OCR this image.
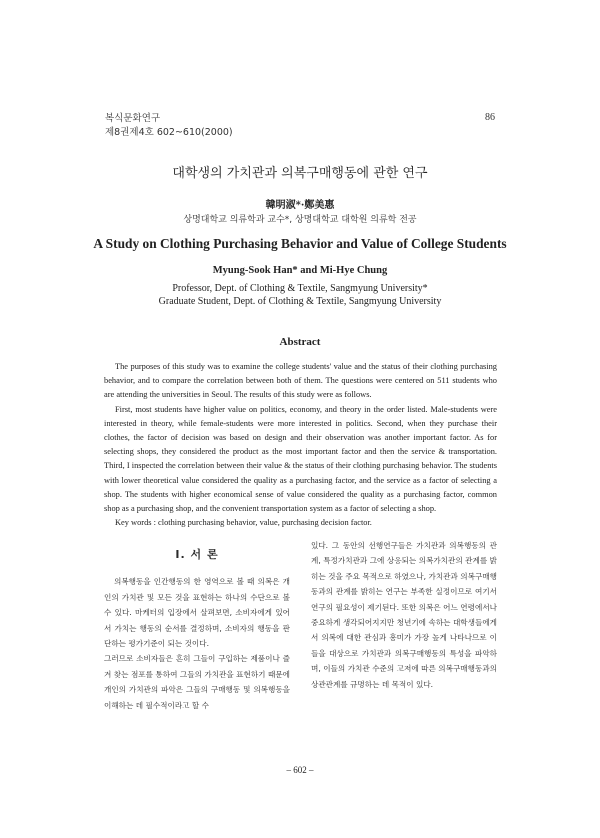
복식문화연구
제8권제4호 602~610(2000)
86
대학생의 가치관과 의복구매행동에 관한 연구
韓明淑*·鄭美惠
상명대학교 의류학과 교수*, 상명대학교 대학원 의류학 전공
A Study on Clothing Purchasing Behavior and Value of College Students
Myung-Sook Han* and Mi-Hye Chung
Professor, Dept. of Clothing & Textile, Sangmyung University*
Graduate Student, Dept. of Clothing & Textile, Sangmyung University
Abstract

The purposes of this study was to examine the college students' value and the status of their clothing purchasing behavior, and to compare the correlation between both of them. The questions were centered on 511 students who are attending the universities in Seoul. The results of this study were as follows.

First, most students have higher value on politics, economy, and theory in the order listed. Male-students were interested in theory, while female-students were more interested in politics. Second, when they purchase their clothes, the factor of decision was based on design and their observation was another important factor. As for selecting shops, they considered the product as the most important factor and then the service & transportation. Third, I inspected the correlation between their value & the status of their clothing purchasing behavior. The students with lower theoretical value considered the quality as a purchasing factor, and the service as a factor of selecting a shop. The students with higher economical sense of value considered the quality as a purchasing factor, common shop as a purchasing shop, and the convenient transportation system as a factor of selecting a shop.

Key words : clothing purchasing behavior, value, purchasing decision factor.

I. 서 론

의복행동을 인간행동의 한 영역으로 볼 때 의복은 개인의 가치관 및 모든 것을 표현하는 하나의 수단으로 볼 수 있다. 마케터의 입장에서 살펴보면, 소비자에게 있어서 가치는 행동의 순서를 결정하며, 소비자의 행동을 판단하는 평가기준이 되는 것이다.

그러므로 소비자들은 흔히 그들이 구입하는 제품이나 즐겨 찾는 점포를 통하여 그들의 가치관을 표현하기 때문에 개인의 가치관의 파악은 그들의 구매행동 및 의복행동을 이해하는 데 필수적이라고 할 수

있다. 그 동안의 선행연구들은 가치관과 의복행동의 관계, 특정가치관과 그에 상응되는 의복가치관의 관계를 밝히는 것을 주요 목적으로 하였으나, 가치관과 의복구매행동과의 관계를 밝히는 연구는 부족한 실정이므로 여기서 연구의 필요성이 제기된다. 또한 의복은 어느 연령에서나 중요하게 생각되어지지만 청년기에 속하는 대학생들에게서 의복에 대한 관심과 흥미가 가장 높게 나타나므로 이들을 대상으로 가치관과 의복구매행동의 특성을 파악하며, 이들의 가치관 수준의 고저에 따른 의복구매행동과의 상관관계를 규명하는 데 목적이 있다.

– 602 –
